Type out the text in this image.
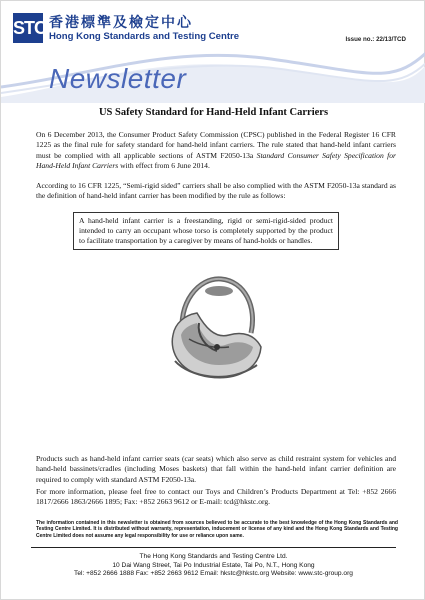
STC 香港標準及檢定中心
Hong Kong Standards and Testing Centre	Issue no.: 22/13/TCD
Newsletter
US Safety Standard for Hand-Held Infant Carriers

On 6 December 2013, the Consumer Product Safety Commission (CPSC) published in the Federal Register 16 CFR 1225 as the final rule for safety standard for hand-held infant carriers. The rule stated that hand-held infant carriers must be complied with all applicable sections of ASTM F2050-13a Standard Consumer Safety Specification for Hand-Held Infant Carriers with effect from 6 June 2014.

According to 16 CFR 1225, “Semi-rigid sided” carriers shall be also complied with the ASTM F2050-13a standard as the definition of hand-held infant carrier has been modified by the rule as follows:

A hand-held infant carrier is a freestanding, rigid or semi-rigid-sided product intended to carry an occupant whose torso is completely supported by the product to facilitate transportation by a caregiver by means of hand-holds or handles.

Products such as hand-held infant carrier seats (car seats) which also serve as child restraint system for vehicles and hand-held bassinets/cradles (including Moses baskets) that fall within the hand-held infant carrier definition are required to comply with standard ASTM F2050-13a.

For more information, please feel free to contact our Toys and Children’s Products Department at Tel: +852 2666 1817/2666 1863/2666 1895; Fax: +852 2663 9612 or E-mail: tcd@hkstc.org.

The information contained in this newsletter is obtained from sources believed to be accurate to the best knowledge of the Hong Kong Standards and Testing Centre Limited. It is distributed without warranty, representation, inducement or license of any kind and the Hong Kong Standards and Testing Centre Limited does not assume any legal responsibility for use or reliance upon same.

The Hong Kong Standards and Testing Centre Ltd.
10 Dai Wang Street, Tai Po Industrial Estate, Tai Po, N.T., Hong Kong
Tel: +852 2666 1888 Fax: +852 2663 9612 Email: hkstc@hkstc.org Website: www.stc-group.org
